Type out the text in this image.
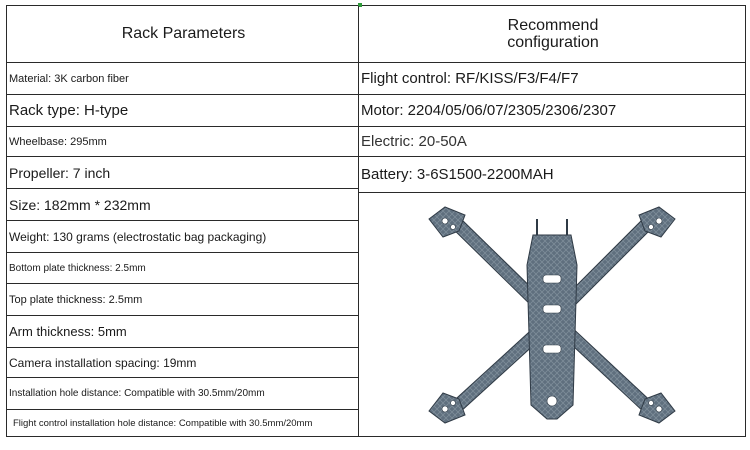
Rack Parameters	Recommend
configuration
Material: 3K carbon fiber
Rack type: H-type
Wheelbase: 295mm
Propeller: 7 inch
Size: 182mm * 232mm
Weight: 130 grams (electrostatic bag packaging)
Bottom plate thickness: 2.5mm
Top plate thickness: 2.5mm
Arm thickness: 5mm
Camera installation spacing: 19mm
Installation hole distance: Compatible with 30.5mm/20mm
Flight control installation hole distance: Compatible with 30.5mm/20mm
Flight control: RF/KISS/F3/F4/F7
Motor: 2204/05/06/07/2305/2306/2307
Electric: 20-50A
Battery: 3-6S1500-2200MAH
